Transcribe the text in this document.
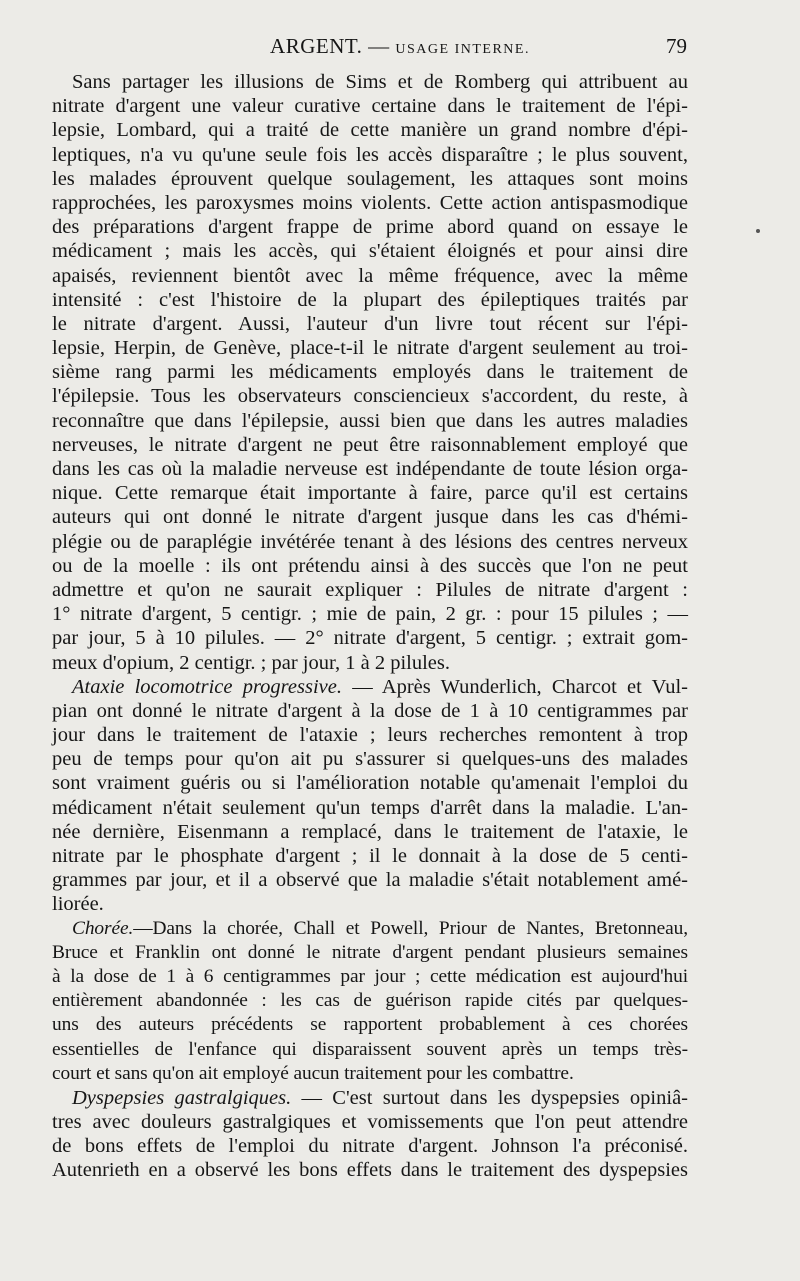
ARGENT. — USAGE INTERNE.	79
Sans partager les illusions de Sims et de Romberg qui attribuent au
nitrate d'argent une valeur curative certaine dans le traitement de l'épi-
lepsie, Lombard, qui a traité de cette manière un grand nombre d'épi-
leptiques, n'a vu qu'une seule fois les accès disparaître ; le plus souvent,
les malades éprouvent quelque soulagement, les attaques sont moins
rapprochées, les paroxysmes moins violents. Cette action antispasmodique
des préparations d'argent frappe de prime abord quand on essaye le
médicament ; mais les accès, qui s'étaient éloignés et pour ainsi dire
apaisés, reviennent bientôt avec la même fréquence, avec la même
intensité : c'est l'histoire de la plupart des épileptiques traités par
le nitrate d'argent. Aussi, l'auteur d'un livre tout récent sur l'épi-
lepsie, Herpin, de Genève, place-t-il le nitrate d'argent seulement au troi-
sième rang parmi les médicaments employés dans le traitement de
l'épilepsie. Tous les observateurs consciencieux s'accordent, du reste, à
reconnaître que dans l'épilepsie, aussi bien que dans les autres maladies
nerveuses, le nitrate d'argent ne peut être raisonnablement employé que
dans les cas où la maladie nerveuse est indépendante de toute lésion orga-
nique. Cette remarque était importante à faire, parce qu'il est certains
auteurs qui ont donné le nitrate d'argent jusque dans les cas d'hémi-
plégie ou de paraplégie invétérée tenant à des lésions des centres nerveux
ou de la moelle : ils ont prétendu ainsi à des succès que l'on ne peut
admettre et qu'on ne saurait expliquer : Pilules de nitrate d'argent :
1° nitrate d'argent, 5 centigr. ; mie de pain, 2 gr. : pour 15 pilules ; —
par jour, 5 à 10 pilules. — 2° nitrate d'argent, 5 centigr. ; extrait gom-
meux d'opium, 2 centigr. ; par jour, 1 à 2 pilules.
Ataxie locomotrice progressive. — Après Wunderlich, Charcot et Vul-
pian ont donné le nitrate d'argent à la dose de 1 à 10 centigrammes par
jour dans le traitement de l'ataxie ; leurs recherches remontent à trop
peu de temps pour qu'on ait pu s'assurer si quelques-uns des malades
sont vraiment guéris ou si l'amélioration notable qu'amenait l'emploi du
médicament n'était seulement qu'un temps d'arrêt dans la maladie. L'an-
née dernière, Eisenmann a remplacé, dans le traitement de l'ataxie, le
nitrate par le phosphate d'argent ; il le donnait à la dose de 5 centi-
grammes par jour, et il a observé que la maladie s'était notablement amé-
liorée.
Chorée.—Dans la chorée, Chall et Powell, Priour de Nantes, Bretonneau,
Bruce et Franklin ont donné le nitrate d'argent pendant plusieurs semaines
à la dose de 1 à 6 centigrammes par jour ; cette médication est aujourd'hui
entièrement abandonnée : les cas de guérison rapide cités par quelques-
uns des auteurs précédents se rapportent probablement à ces chorées
essentielles de l'enfance qui disparaissent souvent après un temps très-
court et sans qu'on ait employé aucun traitement pour les combattre.
Dyspepsies gastralgiques. — C'est surtout dans les dyspepsies opiniâ-
tres avec douleurs gastralgiques et vomissements que l'on peut attendre
de bons effets de l'emploi du nitrate d'argent. Johnson l'a préconisé.
Autenrieth en a observé les bons effets dans le traitement des dyspepsies
